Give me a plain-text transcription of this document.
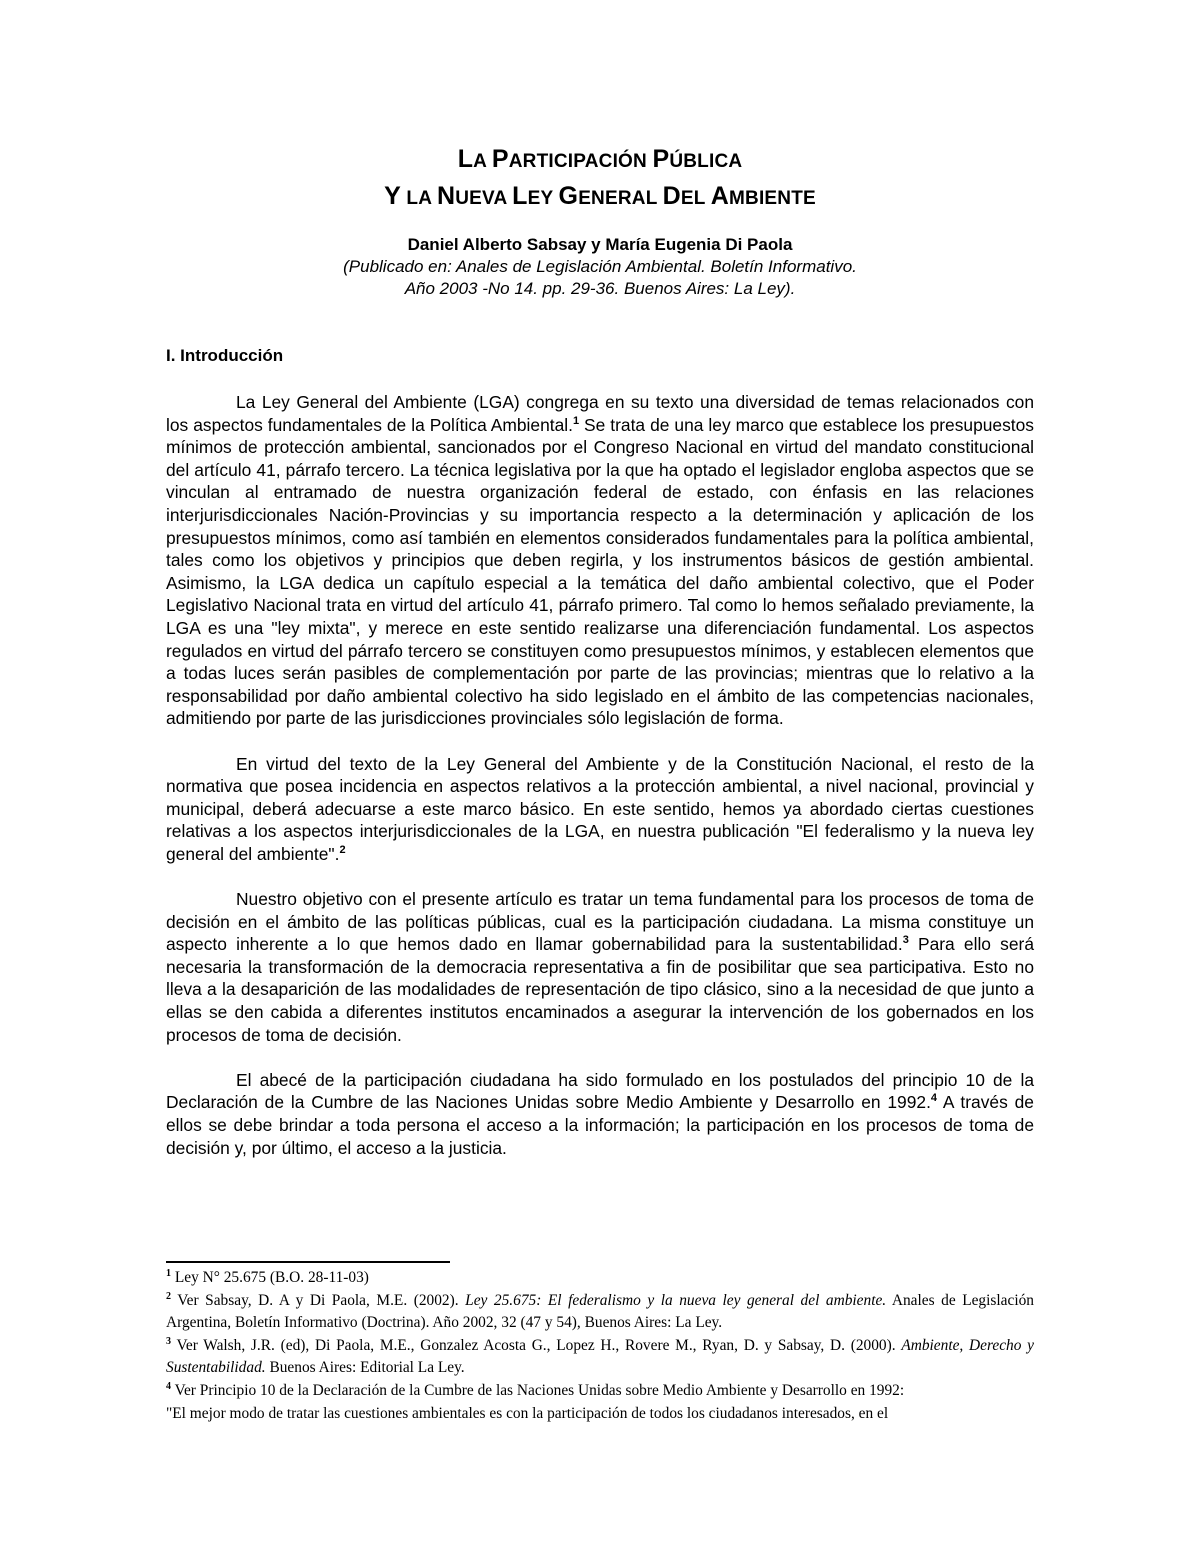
LA PARTICIPACIÓN PÚBLICA

Y LA NUEVA LEY GENERAL DEL AMBIENTE

Daniel Alberto Sabsay y María Eugenia Di Paola

(Publicado en: Anales de Legislación Ambiental. Boletín Informativo.

Año 2003 -No 14. pp. 29-36. Buenos Aires: La Ley).

I. Introducción

La Ley General del Ambiente (LGA) congrega en su texto una diversidad de temas relacionados con los aspectos fundamentales de la Política Ambiental.$^1$ Se trata de una ley marco que establece los presupuestos mínimos de protección ambiental, sancionados por el Congreso Nacional en virtud del mandato constitucional del artículo 41, párrafo tercero. La técnica legislativa por la que ha optado el legislador engloba aspectos que se vinculan al entramado de nuestra organización federal de estado, con énfasis en las relaciones interjurisdiccionales Nación-Provincias y su importancia respecto a la determinación y aplicación de los presupuestos mínimos, como así también en elementos considerados fundamentales para la política ambiental, tales como los objetivos y principios que deben regirla, y los instrumentos básicos de gestión ambiental. Asimismo, la LGA dedica un capítulo especial a la temática del daño ambiental colectivo, que el Poder Legislativo Nacional trata en virtud del artículo 41, párrafo primero. Tal como lo hemos señalado previamente, la LGA es una "ley mixta", y merece en este sentido realizarse una diferenciación fundamental. Los aspectos regulados en virtud del párrafo tercero se constituyen como presupuestos mínimos, y establecen elementos que a todas luces serán pasibles de complementación por parte de las provincias; mientras que lo relativo a la responsabilidad por daño ambiental colectivo ha sido legislado en el ámbito de las competencias nacionales, admitiendo por parte de las jurisdicciones provinciales sólo legislación de forma.

En virtud del texto de la Ley General del Ambiente y de la Constitución Nacional, el resto de la normativa que posea incidencia en aspectos relativos a la protección ambiental, a nivel nacional, provincial y municipal, deberá adecuarse a este marco básico. En este sentido, hemos ya abordado ciertas cuestiones relativas a los aspectos interjurisdiccionales de la LGA, en nuestra publicación "El federalismo y la nueva ley general del ambiente".$^2$

Nuestro objetivo con el presente artículo es tratar un tema fundamental para los procesos de toma de decisión en el ámbito de las políticas públicas, cual es la participación ciudadana. La misma constituye un aspecto inherente a lo que hemos dado en llamar gobernabilidad para la sustentabilidad.$^3$ Para ello será necesaria la transformación de la democracia representativa a fin de posibilitar que sea participativa. Esto no lleva a la desaparición de las modalidades de representación de tipo clásico, sino a la necesidad de que junto a ellas se den cabida a diferentes institutos encaminados a asegurar la intervención de los gobernados en los procesos de toma de decisión.

El abecé de la participación ciudadana ha sido formulado en los postulados del principio 10 de la Declaración de la Cumbre de las Naciones Unidas sobre Medio Ambiente y Desarrollo en 1992.$^4$ A través de ellos se debe brindar a toda persona el acceso a la información; la participación en los procesos de toma de decisión y, por último, el acceso a la justicia.

$^1$ Ley N° 25.675 (B.O. 28-11-03)

$^2$ Ver Sabsay, D. A y Di Paola, M.E. (2002). Ley 25.675: El federalismo y la nueva ley general del ambiente. Anales de Legislación Argentina, Boletín Informativo (Doctrina). Año 2002, 32 (47 y 54), Buenos Aires: La Ley.

$^3$ Ver Walsh, J.R. (ed), Di Paola, M.E., Gonzalez Acosta G., Lopez H., Rovere M., Ryan, D. y Sabsay, D. (2000). Ambiente, Derecho y Sustentabilidad. Buenos Aires: Editorial La Ley.

$^4$ Ver Principio 10 de la Declaración de la Cumbre de las Naciones Unidas sobre Medio Ambiente y Desarrollo en 1992:
"El mejor modo de tratar las cuestiones ambientales es con la participación de todos los ciudadanos interesados, en el
